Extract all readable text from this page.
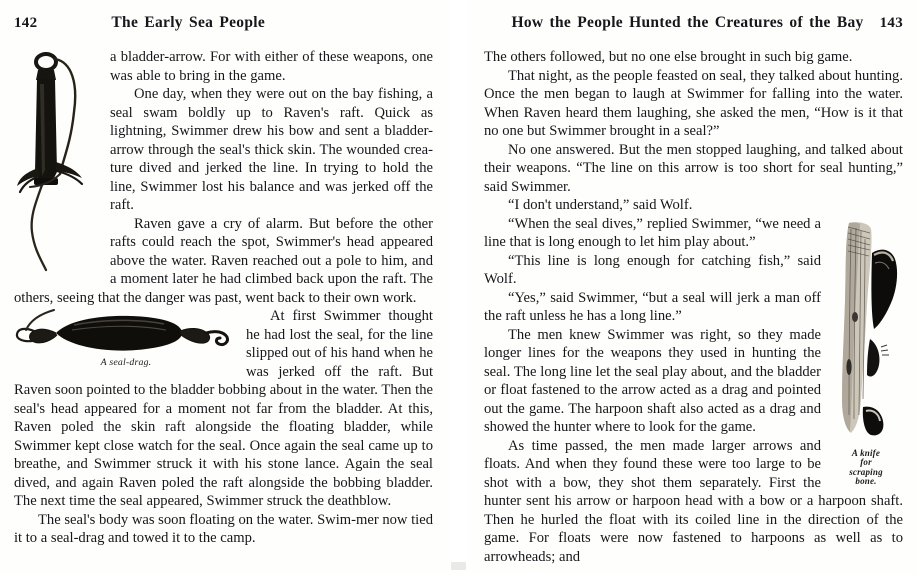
142	The Early Sea People

a bladder-arrow. For with either of these weapons, one was able to bring in the game.

One day, when they were out on the bay fishing, a seal swam boldly up to Raven's raft. Quick as lightning, Swimmer drew his bow and sent a bladder-arrow through the seal's thick skin. The wounded crea-ture dived and jerked the line. In trying to hold the line, Swimmer lost his balance and was jerked off the raft.

Raven gave a cry of alarm. But before the other rafts could reach the spot, Swimmer's head appeared above the water. Raven reached out a pole to him, and a moment later he had climbed back upon the raft. The others, seeing that the danger was past, went back to their own work.

A seal-drag.

At first Swimmer thought he had lost the seal, for the line slipped out of his hand when he was jerked off the raft. But Raven soon pointed to the bladder bobbing about in the water. Then the seal's head appeared for a moment not far from the bladder. At this, Raven poled the skin raft alongside the floating bladder, while Swimmer kept close watch for the seal. Once again the seal came up to breathe, and Swimmer struck it with his stone lance. Again the seal dived, and again Raven poled the raft alongside the bobbing bladder. The next time the seal appeared, Swimmer struck the deathblow.

The seal's body was soon floating on the water. Swim-mer now tied it to a seal-drag and towed it to the camp.

How the People Hunted the Creatures of the Bay 143

The others followed, but no one else brought in such big game.

That night, as the people feasted on seal, they talked about hunting. Once the men began to laugh at Swimmer for falling into the water. When Raven heard them laughing, she asked the men, “How is it that no one but Swimmer brought in a seal?”

No one answered. But the men stopped laughing, and talked about their weapons. “The line on this arrow is too short for seal hunting,” said Swimmer.

“I don't understand,” said Wolf.

A knife
for
scraping
bone.

“When the seal dives,” replied Swimmer, “we need a line that is long enough to let him play about.”

“This line is long enough for catching fish,” said Wolf.

“Yes,” said Swimmer, “but a seal will jerk a man off the raft unless he has a long line.”

The men knew Swimmer was right, so they made longer lines for the weapons they used in hunting the seal. The long line let the seal play about, and the bladder or float fastened to the arrow acted as a drag and pointed out the game. The harpoon shaft also acted as a drag and showed the hunter where to look for the game.

As time passed, the men made larger arrows and floats. And when they found these were too large to be shot with a bow, they shot them separately. First the hunter sent his arrow or harpoon head with a bow or a harpoon shaft. Then he hurled the float with its coiled line in the direction of the game. For floats were now fastened to harpoons as well as to arrowheads; and
